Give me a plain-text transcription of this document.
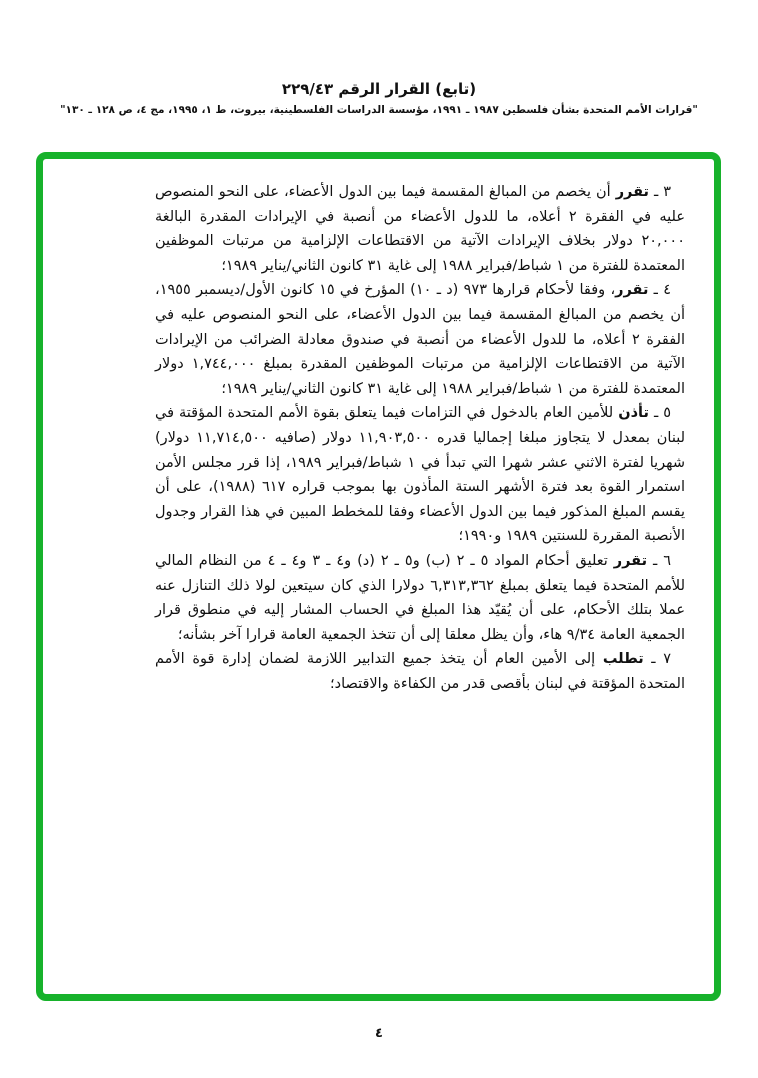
(تابع) القرار الرقم ٢٢٩/٤٣
"قرارات الأمم المتحدة بشأن فلسطين ١٩٨٧ ـ ١٩٩١، مؤسسة الدراسات الفلسطينية، بيروت، ط ١، ١٩٩٥، مج ٤، ص ١٢٨ ـ ١٣٠"

٣ ـ تقرر أن يخصم من المبالغ المقسمة فيما بين الدول الأعضاء، على النحو المنصوص عليه في الفقرة ٢ أعلاه، ما للدول الأعضاء من أنصبة في الإيرادات المقدرة البالغة ٢٠,٠٠٠ دولار بخلاف الإيرادات الآتية من الاقتطاعات الإلزامية من مرتبات الموظفين المعتمدة للفترة من ١ شباط/فبراير ١٩٨٨ إلى غاية ٣١ كانون الثاني/يناير ١٩٨٩؛

٤ ـ تقرر، وفقا لأحكام قرارها ٩٧٣ (د ـ ١٠) المؤرخ في ١٥ كانون الأول/ديسمبر ١٩٥٥، أن يخصم من المبالغ المقسمة فيما بين الدول الأعضاء، على النحو المنصوص عليه في الفقرة ٢ أعلاه، ما للدول الأعضاء من أنصبة في صندوق معادلة الضرائب من الإيرادات الآتية من الاقتطاعات الإلزامية من مرتبات الموظفين المقدرة بمبلغ ١,٧٤٤,٠٠٠ دولار المعتمدة للفترة من ١ شباط/فبراير ١٩٨٨ إلى غاية ٣١ كانون الثاني/يناير ١٩٨٩؛

٥ ـ تأذن للأمين العام بالدخول في التزامات فيما يتعلق بقوة الأمم المتحدة المؤقتة في لبنان بمعدل لا يتجاوز مبلغا إجماليا قدره ١١,٩٠٣,٥٠٠ دولار (صافيه ١١,٧١٤,٥٠٠ دولار) شهريا لفترة الاثني عشر شهرا التي تبدأ في ١ شباط/فبراير ١٩٨٩، إذا قرر مجلس الأمن استمرار القوة بعد فترة الأشهر الستة المأذون بها بموجب قراره ٦١٧ (١٩٨٨)، على أن يقسم المبلغ المذكور فيما بين الدول الأعضاء وفقا للمخطط المبين في هذا القرار وجدول الأنصبة المقررة للسنتين ١٩٨٩ و١٩٩٠؛

٦ ـ تقرر تعليق أحكام المواد ٥ ـ ٢ (ب) و٥ ـ ٢ (د) و٤ ـ ٣ و٤ ـ ٤ من النظام المالي للأمم المتحدة فيما يتعلق بمبلغ ٦,٣١٣,٣٦٢ دولارا الذي كان سيتعين لولا ذلك التنازل عنه عملا بتلك الأحكام، على أن يُقيّد هذا المبلغ في الحساب المشار إليه في منطوق قرار الجمعية العامة ٩/٣٤ هاء، وأن يظل معلقا إلى أن تتخذ الجمعية العامة قرارا آخر بشأنه؛

٧ ـ تطلب إلى الأمين العام أن يتخذ جميع التدابير اللازمة لضمان إدارة قوة الأمم المتحدة المؤقتة في لبنان بأقصى قدر من الكفاءة والاقتصاد؛

٤
